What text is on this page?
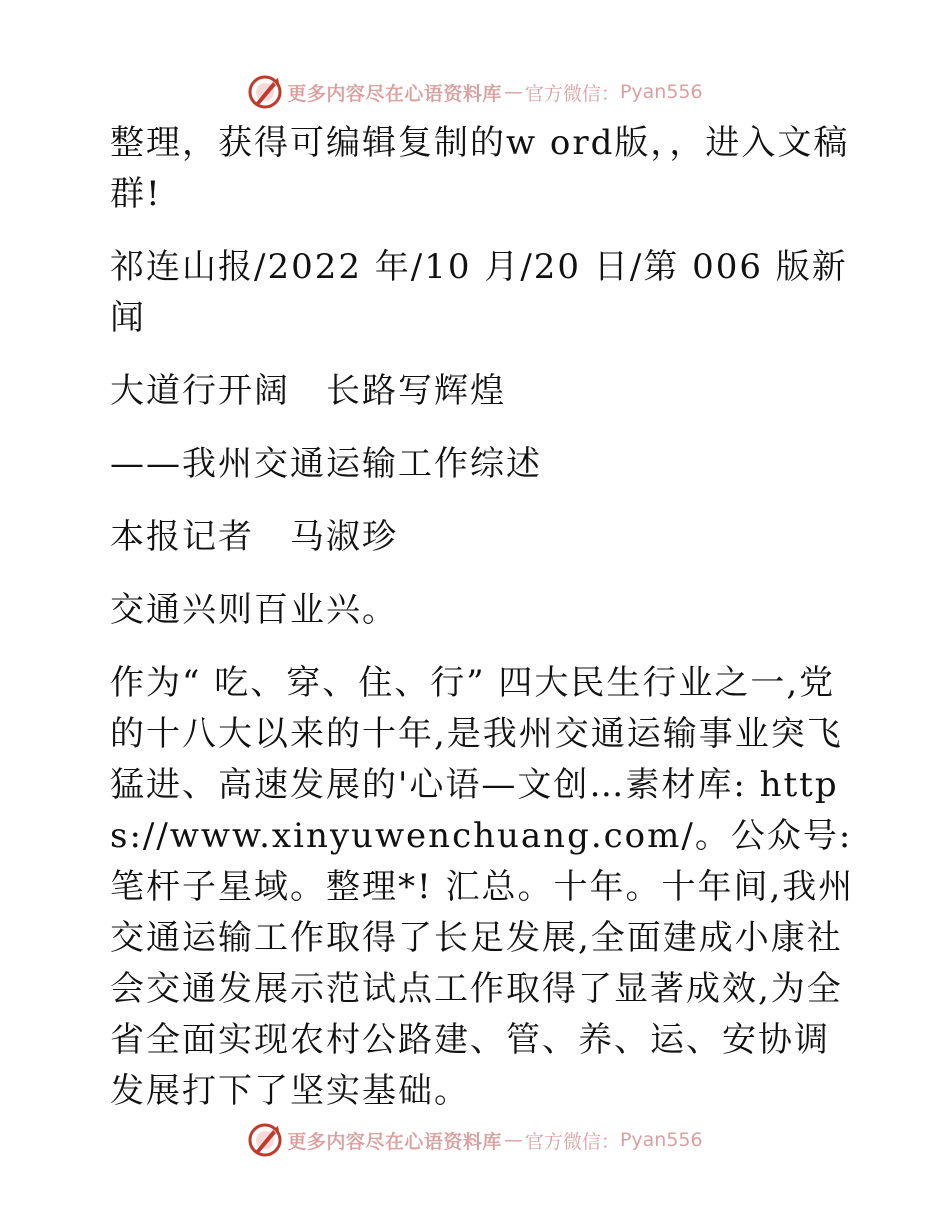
更多内容尽在心语资料库 — 官方微信： Pyan556

整理，获得可编辑复制的w ord版，，进入文稿群!

祁连山报/2022 年/10 月/20 日/第 006 版新闻

大道行开阔　长路写辉煌

——我州交通运输工作综述

本报记者　马淑珍

交通兴则百业兴。

作为“ 吃、穿、住、行” 四大民生行业之一,党的十八大以来的十年,是我州交通运输事业突飞猛进、高速发展的'心语—文创…素材库: https://www.xinyuwenchuang.com/。公众号: 笔杆子星域。整理*! 汇总。十年。十年间,我州交通运输工作取得了长足发展,全面建成小康社会交通发展示范试点工作取得了显著成效,为全省全面实现农村公路建、管、养、运、安协调发展打下了坚实基础。

更多内容尽在心语资料库 — 官方微信： Pyan556
